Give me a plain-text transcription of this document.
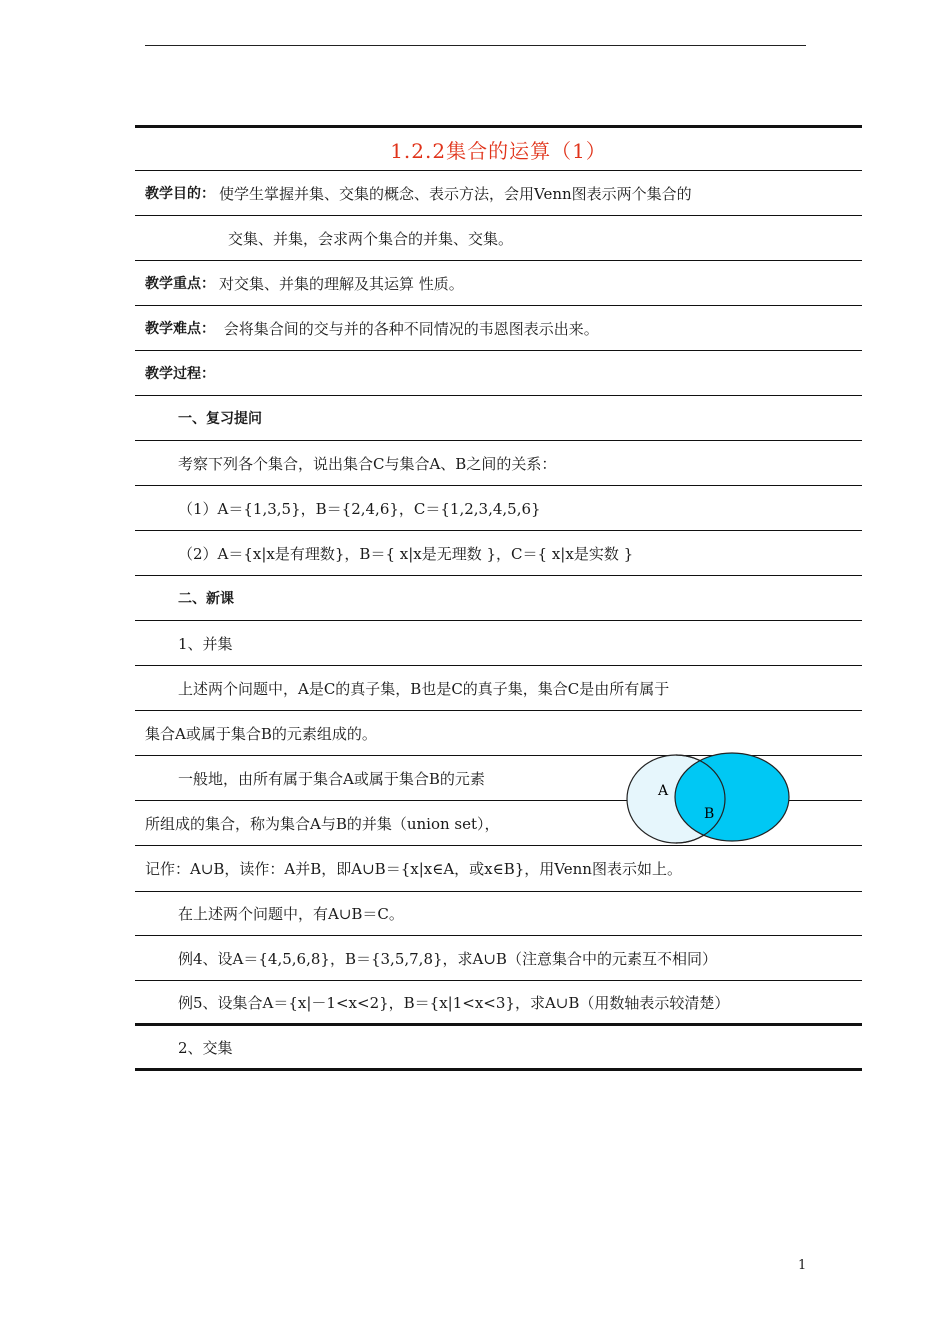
1.2.2集合的运算（1）
教学目的： 使学生掌握并集、交集的概念、表示方法，会用Venn图表示两个集合的
交集、并集，会求两个集合的并集、交集。
教学重点： 对交集、并集的理解及其运算 性质。
教学难点： 会将集合间的交与并的各种不同情况的韦恩图表示出来。
教学过程：
一、复习提问
考察下列各个集合，说出集合C与集合A、B之间的关系：
（1）A＝{1,3,5}，B＝{2,4,6}，C＝{1,2,3,4,5,6}
（2）A＝{x|x是有理数}，B＝{ x|x是无理数 }，C＝{ x|x是实数 }
二、新课
1、并集
上述两个问题中，A是C的真子集，B也是C的真子集，集合C是由所有属于
集合A或属于集合B的元素组成的。
一般地，由所有属于集合A或属于集合B的元素
所组成的集合，称为集合A与B的并集（union set），
记作：A∪B，读作：A并B，即A∪B＝{x|x∈A，或x∈B}，用Venn图表示如上。
在上述两个问题中，有A∪B＝C。
例4、设A＝{4,5,6,8}，B＝{3,5,7,8}，求A∪B（注意集合中的元素互不相同）
例5、设集合A＝{x|－1<x<2}，B＝{x|1<x<3}，求A∪B（用数轴表示较清楚）
2、交集
A
B
1
